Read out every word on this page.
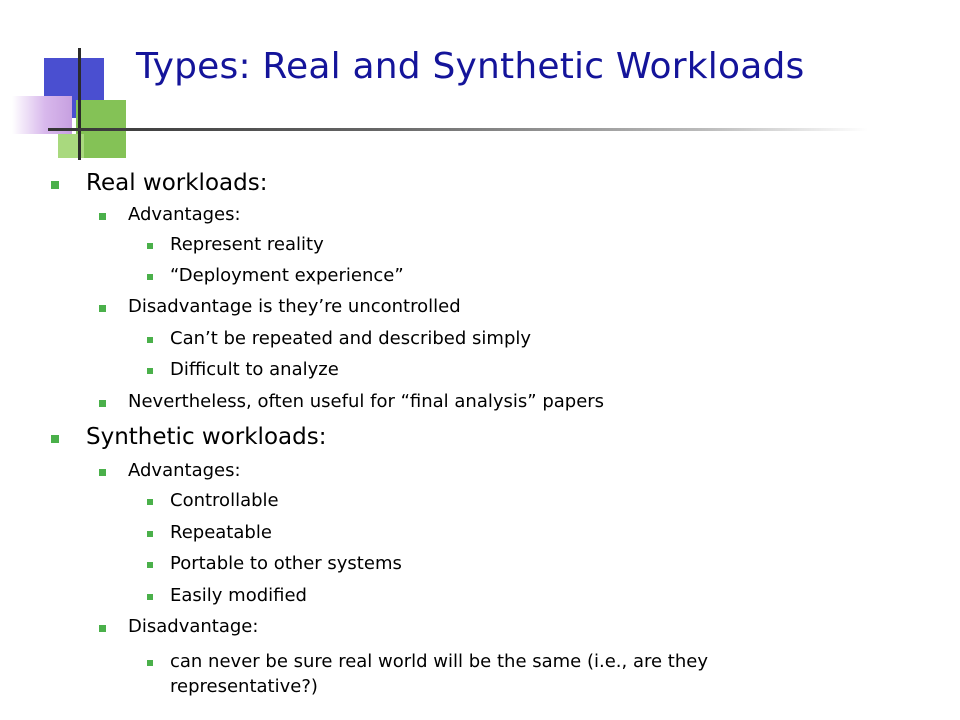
Types: Real and Synthetic Workloads
Real workloads:
Advantages:
Represent reality
“Deployment experience”
Disadvantage is they’re uncontrolled
Can’t be repeated and described simply
Difficult to analyze
Nevertheless, often useful for “final analysis” papers
Synthetic workloads:
Advantages:
Controllable
Repeatable
Portable to other systems
Easily modified
Disadvantage:
can never be sure real world will be the same (i.e., are they
representative?)
